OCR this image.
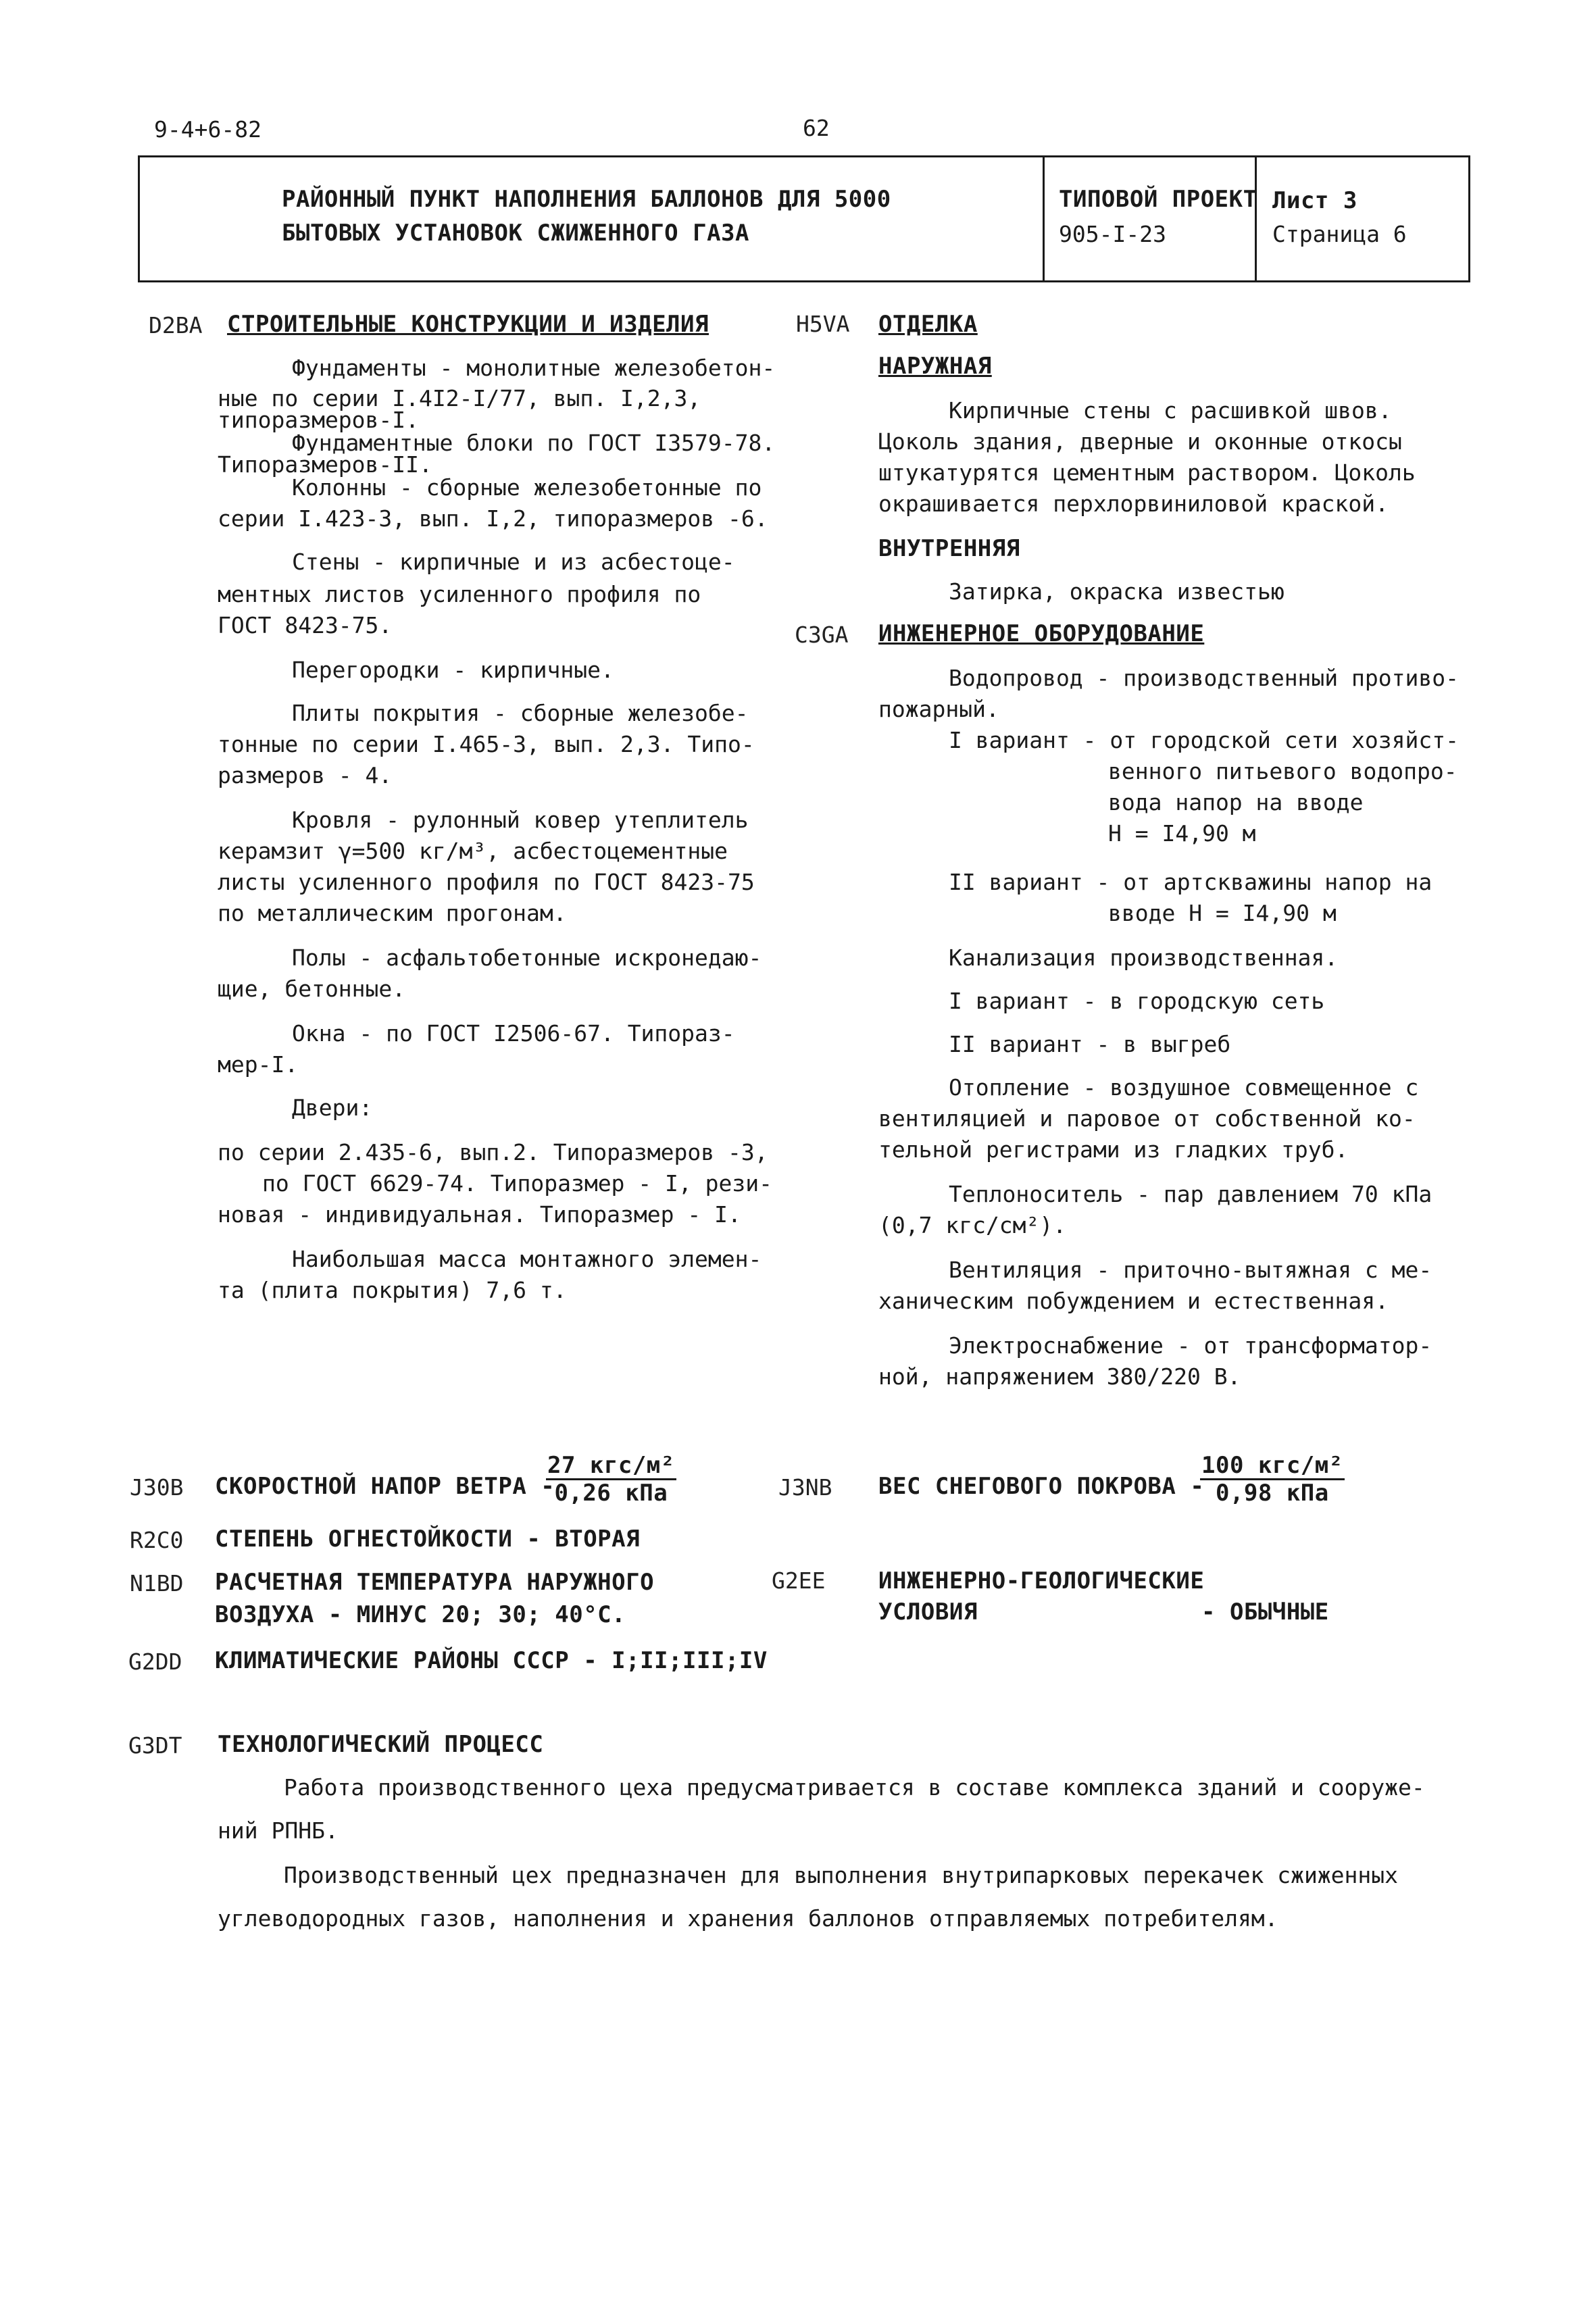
9-4+6-82	62
РАЙОННЫЙ ПУНКТ НАПОЛНЕНИЯ БАЛЛОНОВ ДЛЯ 5000
БЫТОВЫХ УСТАНОВОК СЖИЖЕННОГО ГАЗА
ТИПОВОЙ ПРОЕКТ
905-I-23
Лист 3
Страница 6
D2BA СТРОИТЕЛЬНЫЕ КОНСТРУКЦИИ И ИЗДЕЛИЯ
Фундаменты - монолитные железобетон-
ные по серии I.4I2-I/77, вып. I,2,3,
типоразмеров-I.
Фундаментные блоки по ГОСТ I3579-78.
Типоразмеров-II.
Колонны - сборные железобетонные по
серии I.423-3, вып. I,2, типоразмеров -6.
Стены - кирпичные и из асбестоце-
ментных листов усиленного профиля по
ГОСТ 8423-75.
Перегородки - кирпичные.
Плиты покрытия - сборные железобе-
тонные по серии I.465-3, вып. 2,3. Типо-
размеров - 4.
Кровля - рулонный ковер утеплитель
керамзит γ=500 кг/м³, асбестоцементные
листы усиленного профиля по ГОСТ 8423-75
по металлическим прогонам.
Полы - асфальтобетонные искронедаю-
щие, бетонные.
Окна - по ГОСТ I2506-67. Типораз-
мер-I.
Двери:
по серии 2.435-6, вып.2. Типоразмеров -3,
по ГОСТ 6629-74. Типоразмер - I, рези-
новая - индивидуальная. Типоразмер - I.
Наибольшая масса монтажного элемен-
та (плита покрытия) 7,6 т.
H5VA ОТДЕЛКА
НАРУЖНАЯ
Кирпичные стены с расшивкой швов.
Цоколь здания, дверные и оконные откосы
штукатурятся цементным раствором. Цоколь
окрашивается перхлорвиниловой краской.
ВНУТРЕННЯЯ
Затирка, окраска известью
C3GA ИНЖЕНЕРНОЕ ОБОРУДОВАНИЕ
Водопровод - производственный противо-
пожарный.
I вариант - от городской сети хозяйст-
венного питьевого водопро-
вода напор на вводе
H = I4,90 м
II вариант - от артскважины напор на
вводе H = I4,90 м
Канализация производственная.
I вариант - в городскую сеть
II вариант - в выгреб
Отопление - воздушное совмещенное с
вентиляцией и паровое от собственной ко-
тельной регистрами из гладких труб.
Теплоноситель - пар давлением 70 кПа
(0,7 кгс/см²).
Вентиляция - приточно-вытяжная с ме-
ханическим побуждением и естественная.
Электроснабжение - от трансформатор-
ной, напряжением 380/220 В.
J30B СКОРОСТНОЙ НАПОР ВЕТРА -
$\frac{\text{27 кгс/м²}}{\text{0,26 кПа}}$	J3NB ВЕС СНЕГОВОГО ПОКРОВА -
$\frac{\text{100 кгс/м²}}{\text{0,98 кПа}}$
R2C0 СТЕПЕНЬ ОГНЕСТОЙКОСТИ - ВТОРАЯ
N1BD РАСЧЕТНАЯ ТЕМПЕРАТУРА НАРУЖНОГО
ВОЗДУХА - МИНУС 20; 30; 40°С.
G2EE ИНЖЕНЕРНО-ГЕОЛОГИЧЕСКИЕ
УСЛОВИЯ	- ОБЫЧНЫЕ
G2DD КЛИМАТИЧЕСКИЕ РАЙОНЫ СССР - I;II;III;IV
G3DT ТЕХНОЛОГИЧЕСКИЙ ПРОЦЕСС
Работа производственного цеха предусматривается в составе комплекса зданий и сооруже-
ний РПНБ.
Производственный цех предназначен для выполнения внутрипарковых перекачек сжиженных
углеводородных газов, наполнения и хранения баллонов отправляемых потребителям.
